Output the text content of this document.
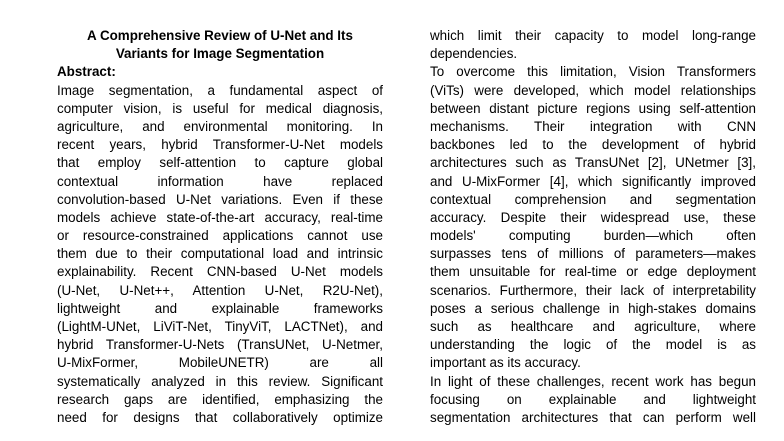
A Comprehensive Review of U-Net and Its
Variants for Image Segmentation

Abstract:

Image segmentation, a fundamental aspect of
computer vision, is useful for medical diagnosis,
agriculture, and environmental monitoring. In
recent years, hybrid Transformer-U-Net models
that employ self-attention to capture global
contextual information have replaced
convolution-based U-Net variations. Even if these
models achieve state-of-the-art accuracy, real-time
or resource-constrained applications cannot use
them due to their computational load and intrinsic
explainability. Recent CNN-based U-Net models
(U-Net, U-Net++, Attention U-Net, R2U-Net),
lightweight and explainable frameworks
(LightM-UNet, LiViT-Net, TinyViT, LACTNet), and
hybrid Transformer-U-Nets (TransUNet, U-Netmer,
U-MixFormer, MobileUNETR) are all
systematically analyzed in this review. Significant
research gaps are identified, emphasizing the
need for designs that collaboratively optimize
which limit their capacity to model long-range
dependencies.
To overcome this limitation, Vision Transformers
(ViTs) were developed, which model relationships
between distant picture regions using self-attention
mechanisms. Their integration with CNN
backbones led to the development of hybrid
architectures such as TransUNet [2], UNetmer [3],
and U-MixFormer [4], which significantly improved
contextual comprehension and segmentation
accuracy. Despite their widespread use, these
models' computing burden—which often
surpasses tens of millions of parameters—makes
them unsuitable for real-time or edge deployment
scenarios. Furthermore, their lack of interpretability
poses a serious challenge in high-stakes domains
such as healthcare and agriculture, where
understanding the logic of the model is as
important as its accuracy.
In light of these challenges, recent work has begun
focusing on explainable and lightweight
segmentation architectures that can perform well
